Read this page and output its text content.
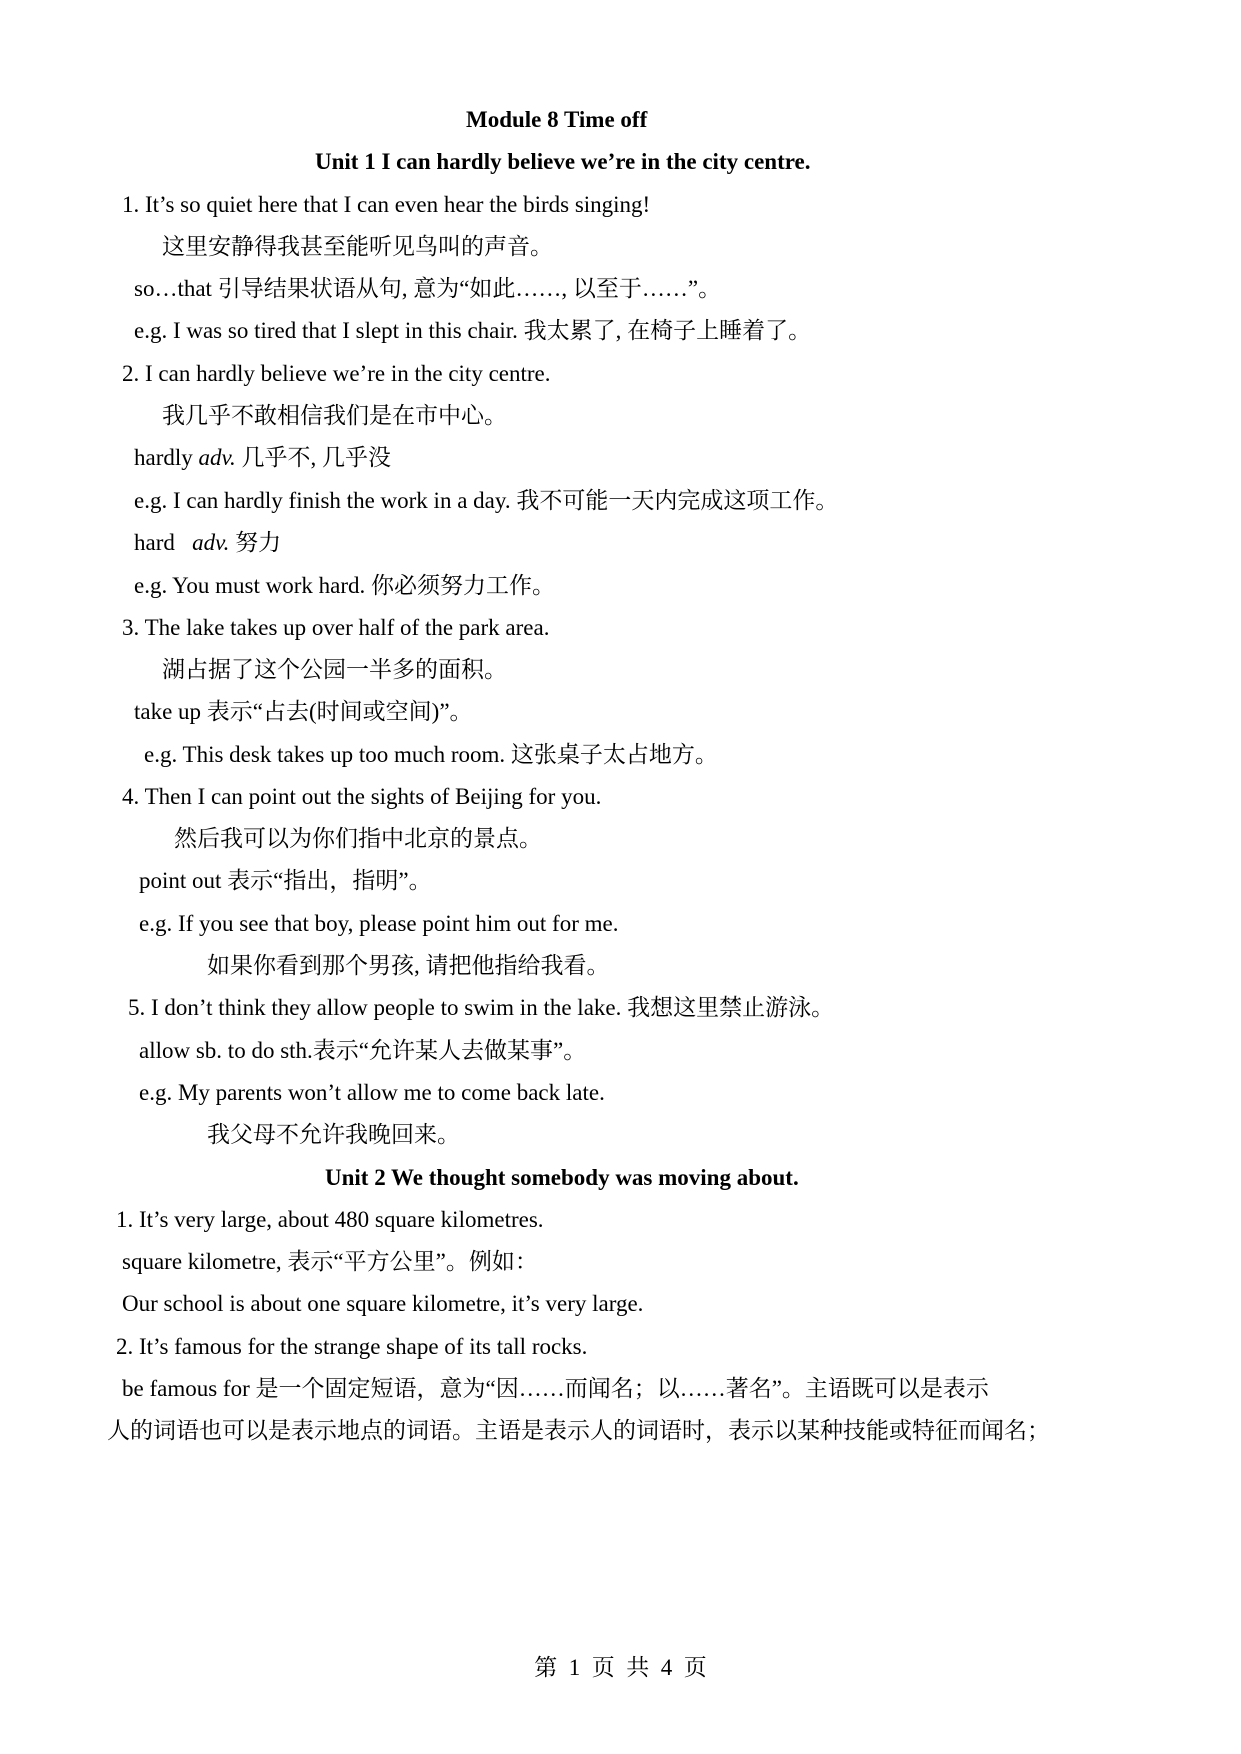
Module 8 Time off
Unit 1 I can hardly believe we’re in the city centre.
1. It’s so quiet here that I can even hear the birds singing!
这里安静得我甚至能听见鸟叫的声音。
so…that 引导结果状语从句, 意为“如此……, 以至于……”。
e.g. I was so tired that I slept in this chair. 我太累了, 在椅子上睡着了。
2. I can hardly believe we’re in the city centre.
我几乎不敢相信我们是在市中心。
hardly adv. 几乎不, 几乎没
e.g. I can hardly finish the work in a day. 我不可能一天内完成这项工作。
hard   adv. 努力
e.g. You must work hard. 你必须努力工作。
3. The lake takes up over half of the park area.
湖占据了这个公园一半多的面积。
take up 表示“占去(时间或空间)”。
e.g. This desk takes up too much room. 这张桌子太占地方。
4. Then I can point out the sights of Beijing for you.
然后我可以为你们指中北京的景点。
point out 表示“指出，指明”。
e.g. If you see that boy, please point him out for me.
如果你看到那个男孩, 请把他指给我看。
5. I don’t think they allow people to swim in the lake. 我想这里禁止游泳。
allow sb. to do sth.表示“允许某人去做某事”。
e.g. My parents won’t allow me to come back late.
我父母不允许我晚回来。
Unit 2 We thought somebody was moving about.
1. It’s very large, about 480 square kilometres.
square kilometre, 表示“平方公里”。例如：
Our school is about one square kilometre, it’s very large.
2. It’s famous for the strange shape of its tall rocks.
be famous for 是一个固定短语，意为“因……而闻名；以……著名”。主语既可以是表示
人的词语也可以是表示地点的词语。主语是表示人的词语时，表示以某种技能或特征而闻名；
第  1  页  共  4  页
